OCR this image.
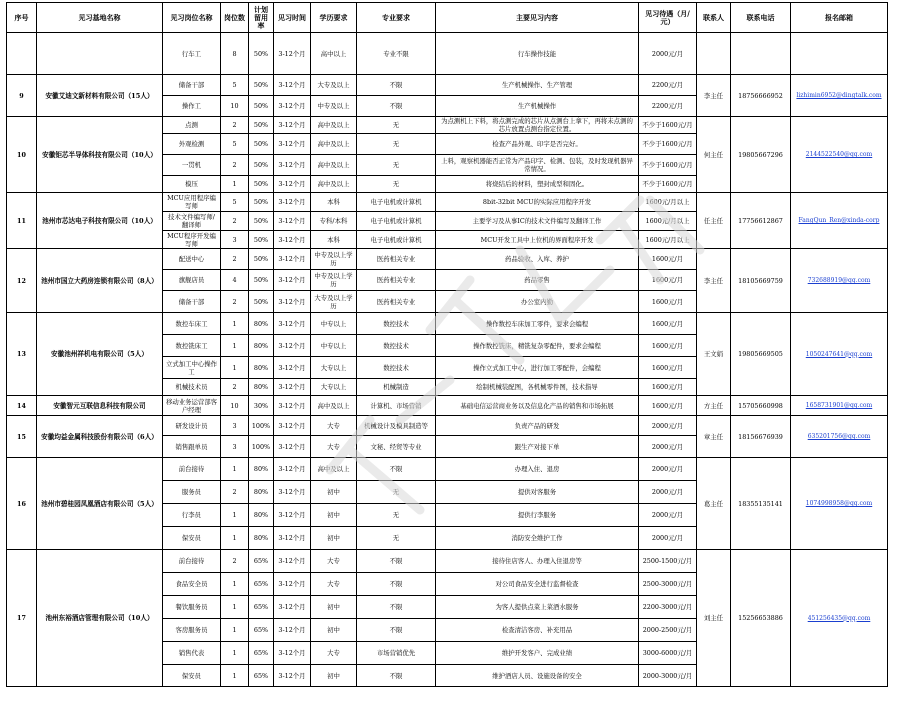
序号	见习基地名称	见习岗位名称	岗位数	计划留用率	见习时间	学历要求	专业要求	主要见习内容	见习待遇（月/元）	联系人	联系电话	报名邮箱
		行车工	8	50%	3-12个月	高中以上	专业不限	行车操作技能	2000元/月			
9	安徽艾迪文新材料有限公司（15人）	储备干部	5	50%	3-12个月	大专及以上	不限	生产机械操作、生产管理	2200元/月	李主任	18756666952	lizhimin6952@dingtalk.com
		操作工	10	50%	3-12个月	中专及以上	不限	生产机械操作	2200元/月			
10	安徽钜芯半导体科技有限公司（10人）	点测	2	50%	3-12个月	高中及以上	无	为点测机上下料，将点测完成的芯片从点测台上拿下，再将未点测的芯片放置点测台指定位置。	不少于1600元/月	何主任	19805667296	2144522540@qq.com
		外观检测	5	50%	3-12个月	高中及以上	无	检查产品外观、印字是否完好。	不少于1600元/月			
		一贯机	2	50%	3-12个月	高中及以上	无	上料，观察机器能否正常为产品印字、检测、包装，及时发现机器异常情况。	不少于1600元/月			
		模压	1	50%	3-12个月	高中及以上	无	将烧结后的材料，塑封成型和固化。	不少于1600元/月			
11	池州市芯达电子科技有限公司（10人）	MCU应用程序编写师	5	50%	3-12个月	本科	电子电机或计算机	8bit-32bit MCU的实际应用程序开发	1600元/月以上	任主任	17756612867	FangQun_Ren@xinda-corp
		技术文件编写师/翻译师	2	50%	3-12个月	专科/本科	电子电机或计算机	主要学习及从事IC的技术文件编写及翻译工作	1600元/月以上			
		MCU程序开发编写师	3	50%	3-12个月	本科	电子电机或计算机	MCU开发工具中上位机的界面程序开发	1600元/月以上			
12	池州市国立大药房连锁有限公司（8人）	配送中心	2	50%	3-12个月	中专及以上学历	医药相关专业	药品验收、入库、养护	1600元/月	李主任	18105669759	732688919@qq.com
		旗舰店员	4	50%	3-12个月	中专及以上学历	医药相关专业	药品零售	1600元/月			
		储备干部	2	50%	3-12个月	大专及以上学历	医药相关专业	办公室内勤	1600元/月			
13	安徽池州祥机电有限公司（5人）	数控车床工	1	80%	3-12个月	中专以上	数控技术	操作数控车床加工零件，要求会编程	1600元/月	王文娟	19805669505	1050247641@qq.com
		数控铣床工	1	80%	3-12个月	中专以上	数控技术	操作数控铣床，精铣复杂零配件，要求会编程	1600元/月			
		立式加工中心操作工	1	80%	3-12个月	大专以上	数控技术	操作立式加工中心，进行加工零配件，会编程	1600元/月			
		机械技术员	2	80%	3-12个月	大专以上	机械制造	绘制机械装配图，各机械零件图，技术指导	1600元/月			
14	安徽智元互联信息科技有限公司	移动业务运营部客户经理	10	30%	3-12个月	高中及以上	计算机、市场营销	基础电信运营商业务以及信息化产品的销售和市场拓展	1600元/月	方主任	15705660998	1658731901@qq.com
15	安徽均益金属科技股份有限公司（6人）	研发设计员	3	100%	3-12个月	大专	机械设计及模具制造等	负责产品的研发	2000元/月	章主任	18156676939	635201756@qq.com
		销售跟单员	3	100%	3-12个月	大专	文秘、经贸等专业	跟生产对接下单	2000元/月			
16	池州市碧桂园凤凰酒店有限公司（5人）	前台接待	1	80%	3-12个月	高中及以上	不限	办理入住、退房	2000元/月	葛主任	18355135141	1074998958@qq.com
		服务员	2	80%	3-12个月	初中	无	提供对客服务	2000元/月			
		行李员	1	80%	3-12个月	初中	无	提供行李服务	2000元/月			
		保安员	1	80%	3-12个月	初中	无	消防安全维护工作	2000元/月			
17	池州东裕酒店管理有限公司（10人）	前台接待	2	65%	3-12个月	大专	不限	接待住店客人、办理入住退房等	2500-1500元/月	刘主任	15256653886	451256435@qq.com
		食品安全员	1	65%	3-12个月	大专	不限	对公司食品安全进行监督检查	2500-3000元/月			
		餐饮服务员	1	65%	3-12个月	初中	不限	为客人提供点菜上菜酒水服务	2200-3000元/月			
		客房服务员	1	65%	3-12个月	初中	不限	检查清洁客房、补充用品	2000-2500元/月			
		销售代表	1	65%	3-12个月	大专	市场营销优先	维护开发客户、完成业绩	3000-6000元/月			
		保安员	1	65%	3-12个月	初中	不限	维护酒店人员、设施设备的安全	2000-3000元/月			
